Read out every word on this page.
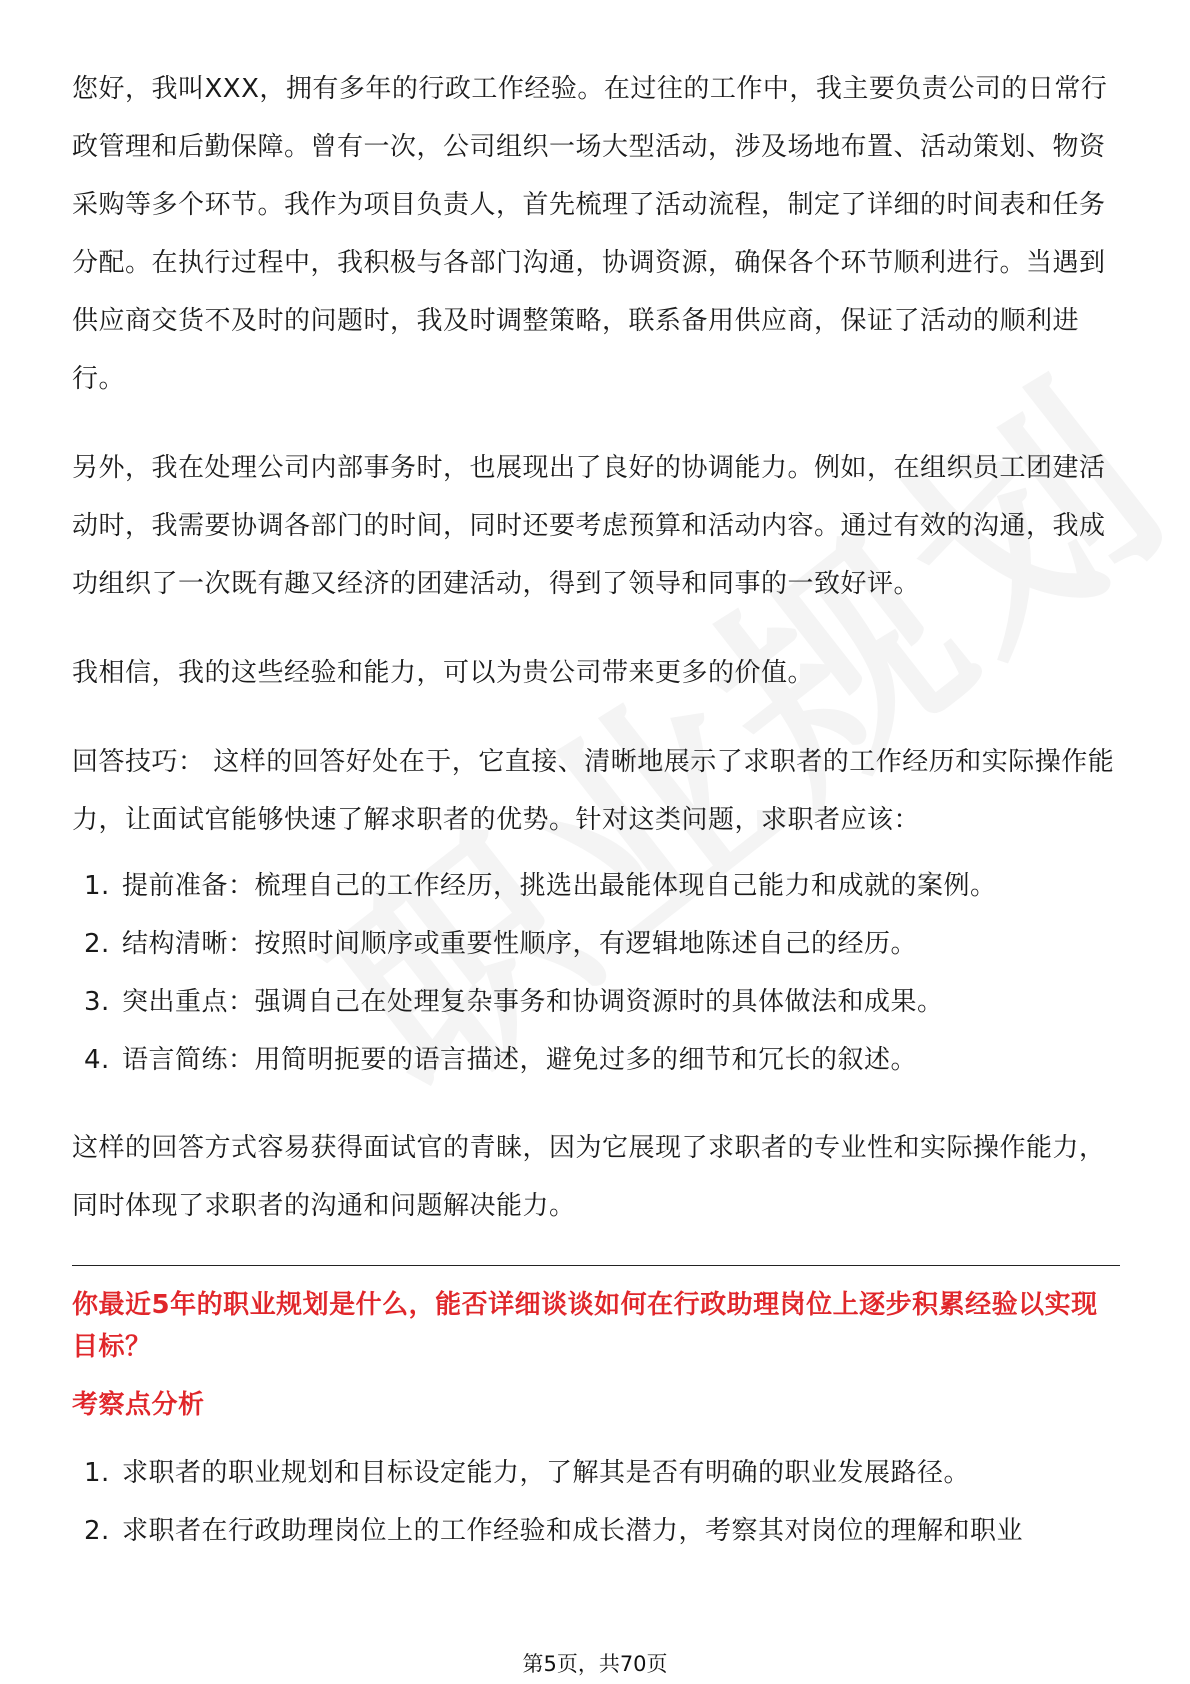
您好，我叫XXX，拥有多年的行政工作经验。在过往的工作中，我主要负责公司的日常行政管理和后勤保障。曾有一次，公司组织一场大型活动，涉及场地布置、活动策划、物资采购等多个环节。我作为项目负责人，首先梳理了活动流程，制定了详细的时间表和任务分配。在执行过程中，我积极与各部门沟通，协调资源，确保各个环节顺利进行。当遇到供应商交货不及时的问题时，我及时调整策略，联系备用供应商，保证了活动的顺利进行。

另外，我在处理公司内部事务时，也展现出了良好的协调能力。例如，在组织员工团建活动时，我需要协调各部门的时间，同时还要考虑预算和活动内容。通过有效的沟通，我成功组织了一次既有趣又经济的团建活动，得到了领导和同事的一致好评。

我相信，我的这些经验和能力，可以为贵公司带来更多的价值。

回答技巧： 这样的回答好处在于，它直接、清晰地展示了求职者的工作经历和实际操作能力，让面试官能够快速了解求职者的优势。针对这类问题，求职者应该：

1. 提前准备：梳理自己的工作经历，挑选出最能体现自己能力和成就的案例。
2. 结构清晰：按照时间顺序或重要性顺序，有逻辑地陈述自己的经历。
3. 突出重点：强调自己在处理复杂事务和协调资源时的具体做法和成果。
4. 语言简练：用简明扼要的语言描述，避免过多的细节和冗长的叙述。

这样的回答方式容易获得面试官的青睐，因为它展现了求职者的专业性和实际操作能力，同时体现了求职者的沟通和问题解决能力。

你最近5年的职业规划是什么，能否详细谈谈如何在行政助理岗位上逐步积累经验以实现目标？

考察点分析

1. 求职者的职业规划和目标设定能力，了解其是否有明确的职业发展路径。
2. 求职者在行政助理岗位上的工作经验和成长潜力，考察其对岗位的理解和职业
第5页，共70页
